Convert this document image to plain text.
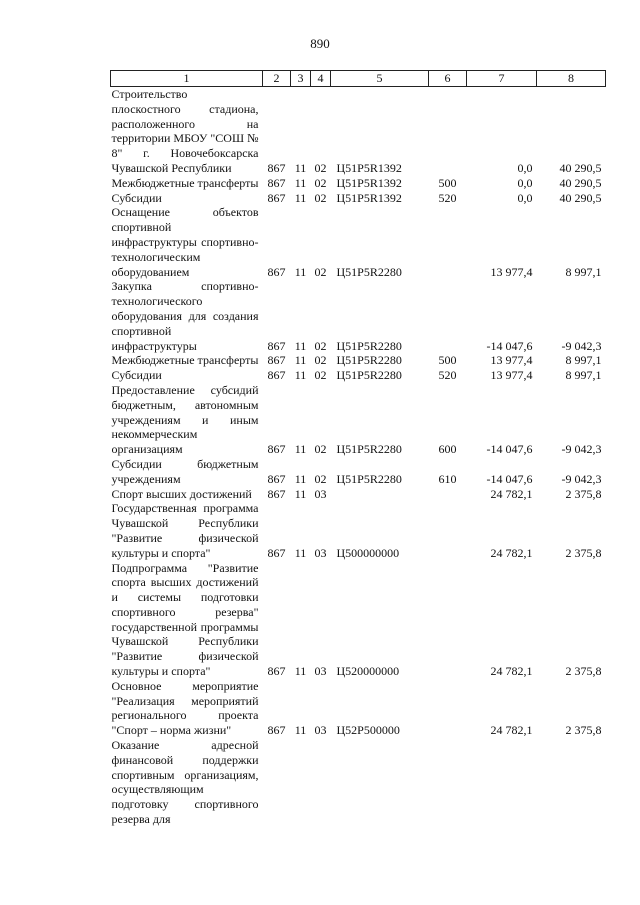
890
1	2	3	4	5	6	7	8
Строительство плоскостного стадиона, расположенного на территории МБОУ "СОШ № 8" г. Новочебоксарска Чувашской Республики	867	11	02	Ц51P5R1392		0,0	40 290,5
Межбюджетные трансферты	867	11	02	Ц51P5R1392	500	0,0	40 290,5
Субсидии	867	11	02	Ц51P5R1392	520	0,0	40 290,5
Оснащение объектов спортивной инфраструктуры спортивно-технологическим оборудованием	867	11	02	Ц51P5R2280		13 977,4	8 997,1
Закупка спортивно-технологического оборудования для создания спортивной инфраструктуры	867	11	02	Ц51P5R2280		-14 047,6	-9 042,3
Межбюджетные трансферты	867	11	02	Ц51P5R2280	500	13 977,4	8 997,1
Субсидии	867	11	02	Ц51P5R2280	520	13 977,4	8 997,1
Предоставление субсидий бюджетным, автономным учреждениям и иным некоммерческим организациям	867	11	02	Ц51P5R2280	600	-14 047,6	-9 042,3
Субсидии бюджетным учреждениям	867	11	02	Ц51P5R2280	610	-14 047,6	-9 042,3
Спорт высших достижений	867	11	03			24 782,1	2 375,8
Государственная программа Чувашской Республики "Развитие физической культуры и спорта"	867	11	03	Ц500000000		24 782,1	2 375,8
Подпрограмма "Развитие спорта высших достижений и системы подготовки спортивного резерва" государственной программы Чувашской Республики "Развитие физической культуры и спорта"	867	11	03	Ц520000000		24 782,1	2 375,8
Основное мероприятие "Реализация мероприятий регионального проекта "Спорт – норма жизни"	867	11	03	Ц52P500000		24 782,1	2 375,8
Оказание адресной финансовой поддержки спортивным организациям, осуществляющим подготовку спортивного резерва для							
